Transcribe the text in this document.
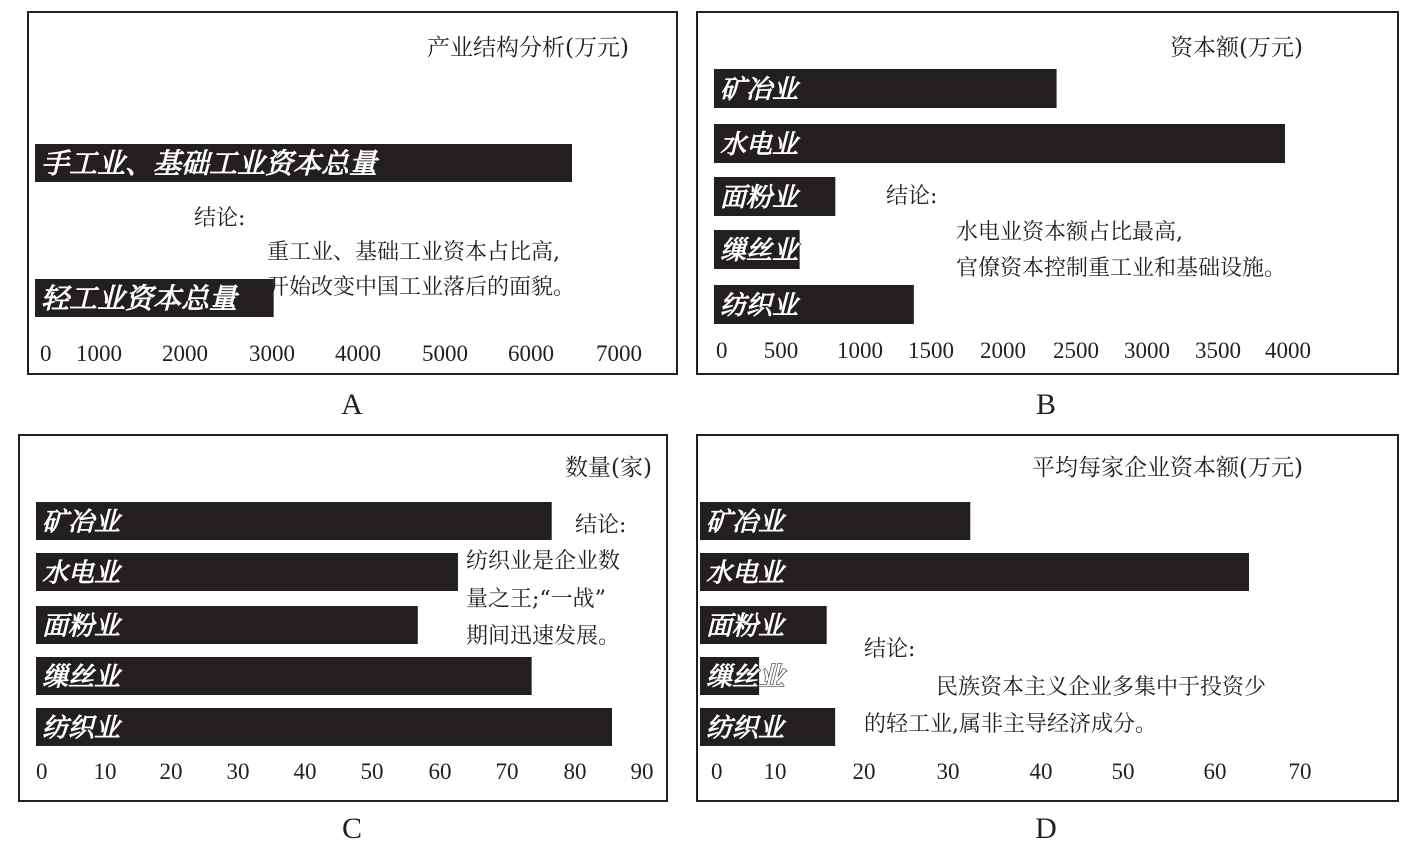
产业结构分析(万元)
手工业、基础工业资本总量
轻工业资本总量
0 1000 2000 3000 4000 5000 6000 7000
结论:
重工业、基础工业资本占比高,
开始改变中国工业落后的面貌。
A
资本额(万元)
矿冶业
水电业
面粉业
缫丝业
纺织业
0 500 1000 1500 2000 2500 3000 3500 4000
结论:
水电业资本额占比最高,
官僚资本控制重工业和基础设施。
B
数量(家)
矿冶业
水电业
面粉业
缫丝业
纺织业
0 10 20 30 40 50 60 70 80 90
结论:
纺织业是企业数
量之王;“一战”
期间迅速发展。
C
平均每家企业资本额(万元)
矿冶业
水电业
面粉业
缫丝业
纺织业
0 10	20	30	40	50	60	70
结论:
民族资本主义企业多集中于投资少
的轻工业,属非主导经济成分。
D
